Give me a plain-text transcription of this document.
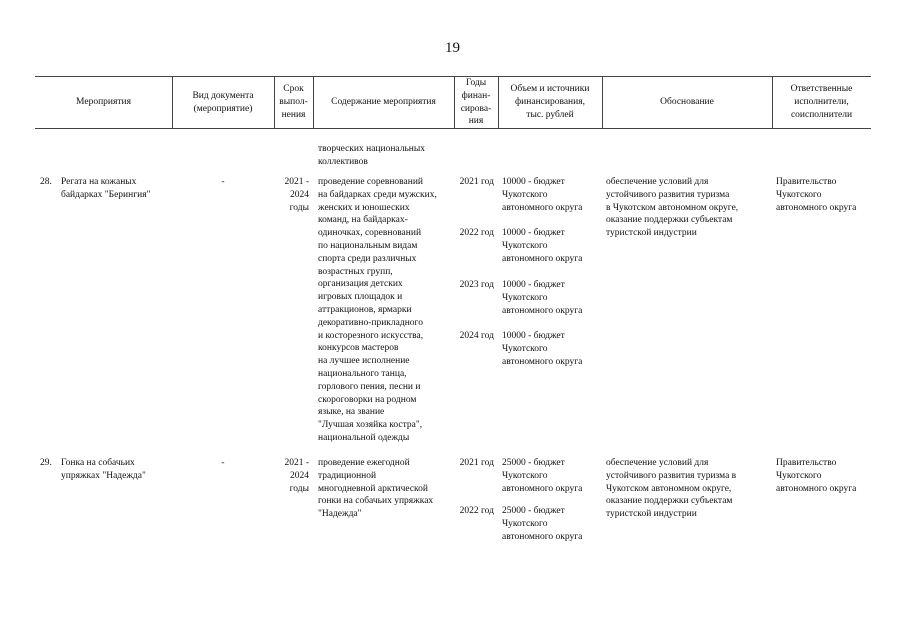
19
Мероприятия
Вид документа
(мероприятие)
Срок
выпол-
нения
Содержание мероприятия
Годы
финан-
сирова-
ния
Объем и источники
финансирования,
тыс. рублей
Обоснование
Ответственные
исполнители,
соисполнители
творческих национальных
коллективов
28. Регата на кожаных
байдарках "Берингия"
-	2021 -
2024
годы
проведение соревнований
на байдарках среди мужских,
женских и юношеских
команд, на байдарках-
одиночках, соревнований
по национальным видам
спорта среди различных
возрастных групп,
организация детских
игровых площадок и
аттракционов, ярмарки
декоративно-прикладного
и косторезного искусства,
конкурсов мастеров
на лучшее исполнение
национального танца,
горлового пения, песни и
скороговорки на родном
языке, на звание
"Лучшая хозяйка костра",
национальной одежды
2021 год 10000 - бюджет
Чукотского
автономного округа
2022 год 10000 - бюджет
Чукотского
автономного округа
2023 год 10000 - бюджет
Чукотского
автономного округа
2024 год 10000 - бюджет
Чукотского
автономного округа
обеспечение условий для
устойчивого развития туризма
в Чукотском автономном округе,
оказание поддержки субъектам
туристской индустрии
Правительство
Чукотского
автономного округа
29. Гонка на собачьих
упряжках "Надежда"
-	2021 -
2024
годы
проведение ежегодной
традиционной
многодневной арктической
гонки на собачьих упряжках
"Надежда"
2021 год 25000 - бюджет
Чукотского
автономного округа
2022 год 25000 - бюджет
Чукотского
автономного округа
обеспечение условий для
устойчивого развития туризма в
Чукотском автономном округе,
оказание поддержки субъектам
туристской индустрии
Правительство
Чукотского
автономного округа
